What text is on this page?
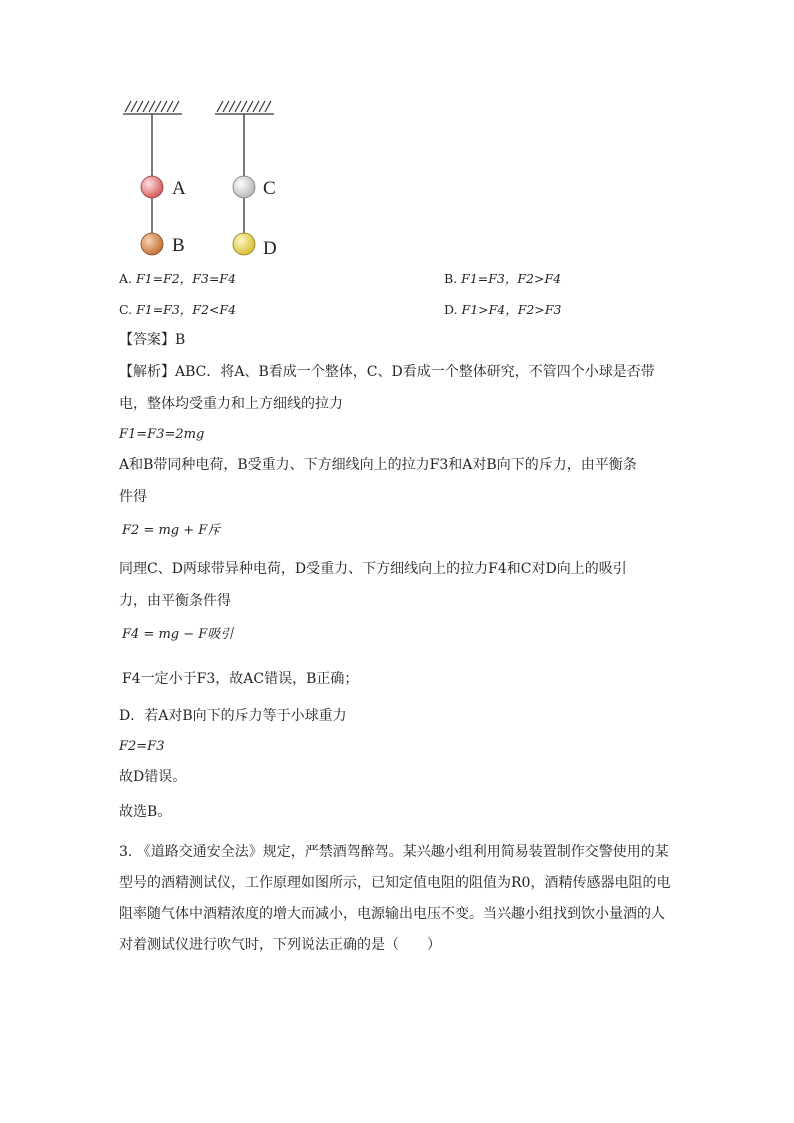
A
B
C
D
A. F1=F2，F3=F4	B. F1=F3，F2>F4
C. F1=F3，F2<F4	D. F1>F4，F2>F3
【答案】B
【解析】ABC．将A、B看成一个整体，C、D看成一个整体研究，不管四个小球是否带
电，整体均受重力和上方细线的拉力
F1=F3=2mg
A和B带同种电荷，B受重力、下方细线向上的拉力F3和A对B向下的斥力，由平衡条
件得
F2 = mg + F斥
同理C、D两球带异种电荷，D受重力、下方细线向上的拉力F4和C对D向上的吸引
力，由平衡条件得
F4 = mg − F吸引
F4一定小于F3，故AC错误，B正确；
D．若A对B向下的斥力等于小球重力
F2=F3
故D错误。
故选B。
3. 《道路交通安全法》规定，严禁酒驾醉驾。某兴趣小组利用简易装置制作交警使用的某
型号的酒精测试仪，工作原理如图所示，已知定值电阻的阻值为R0，酒精传感器电阻的电
阻率随气体中酒精浓度的增大而减小，电源输出电压不变。当兴趣小组找到饮小量酒的人
对着测试仪进行吹气时，下列说法正确的是（　　）
